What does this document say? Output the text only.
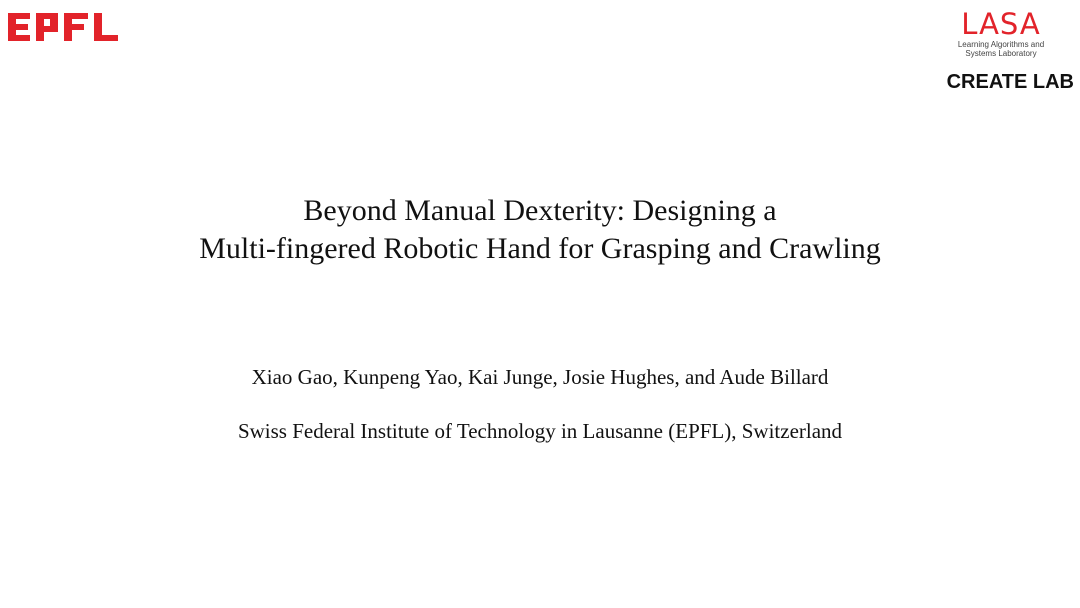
LASA
Learning Algorithms and
Systems Laboratory
CREATE LAB
Beyond Manual Dexterity: Designing a
Multi-fingered Robotic Hand for Grasping and Crawling
Xiao Gao, Kunpeng Yao, Kai Junge, Josie Hughes, and Aude Billard
Swiss Federal Institute of Technology in Lausanne (EPFL), Switzerland
